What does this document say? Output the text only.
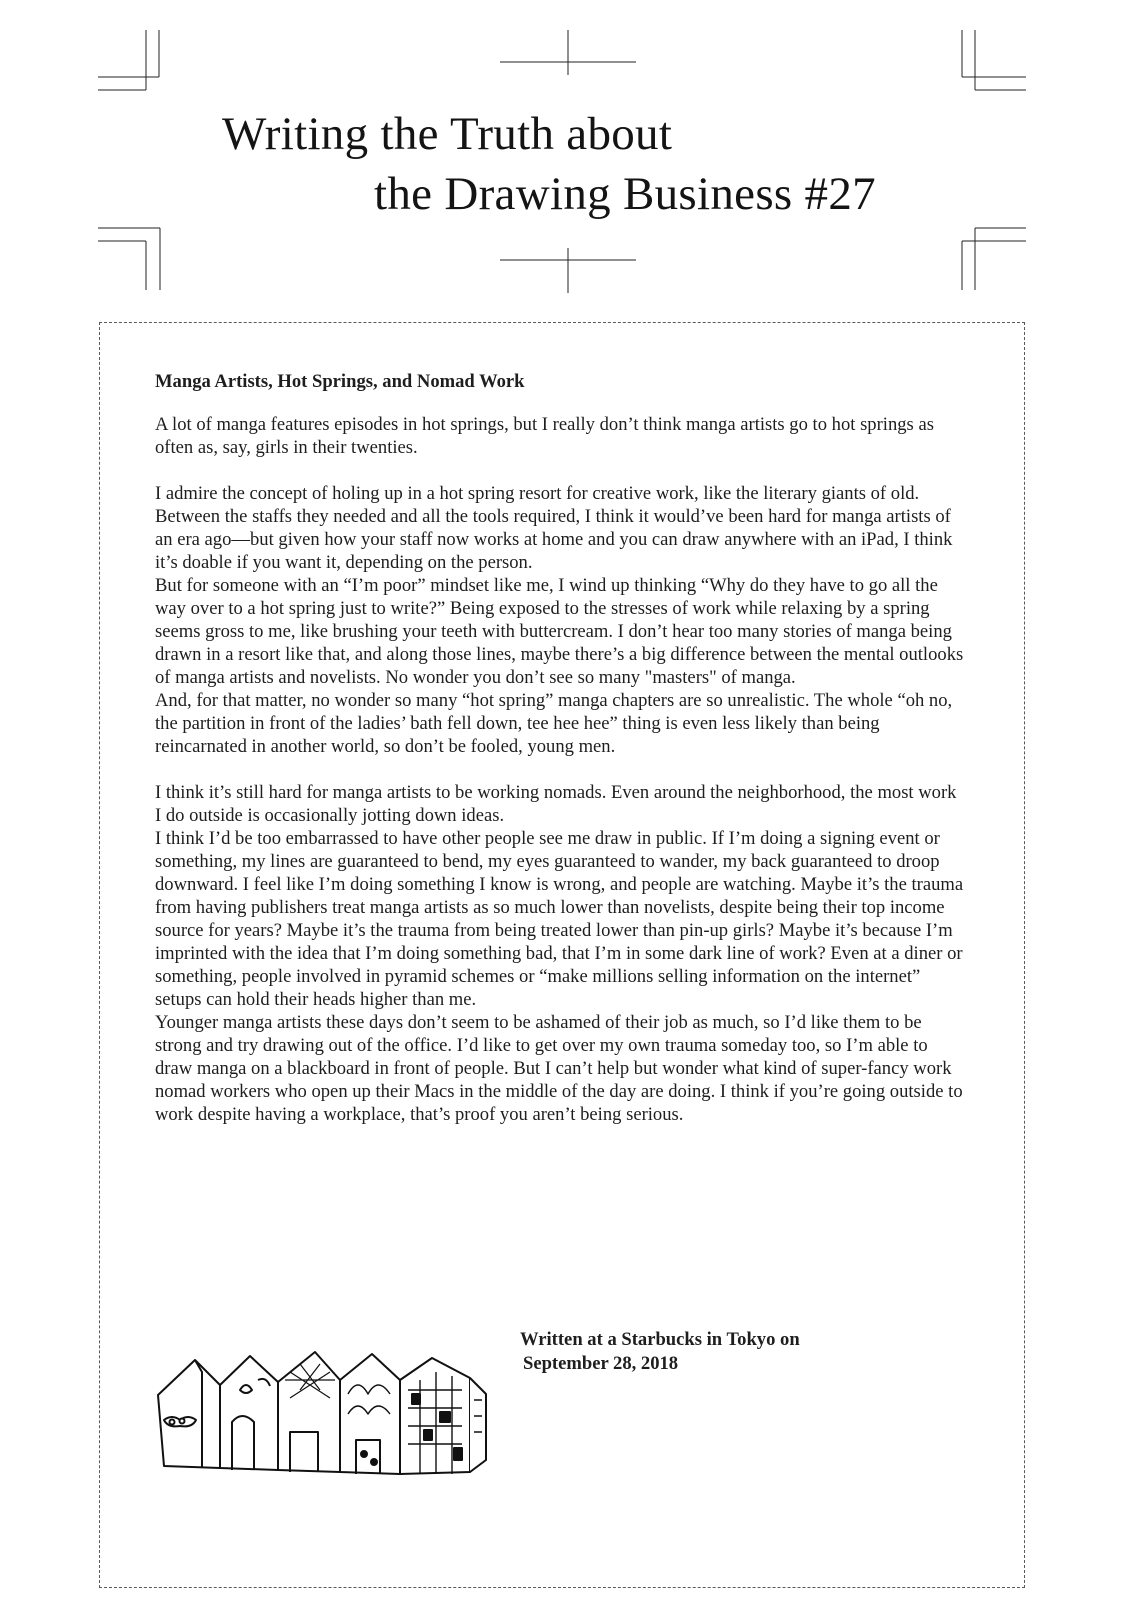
Writing the Truth about
the Drawing Business #27

Manga Artists, Hot Springs, and Nomad Work

A lot of manga features episodes in hot springs, but I really don’t think manga artists go to hot springs as often as, say, girls in their twenties.

I admire the concept of holing up in a hot spring resort for creative work, like the literary giants of old. Between the staffs they needed and all the tools required, I think it would’ve been hard for manga artists of an era ago—but given how your staff now works at home and you can draw anywhere with an iPad, I think it’s doable if you want it, depending on the person.

But for someone with an “I’m poor” mindset like me, I wind up thinking “Why do they have to go all the way over to a hot spring just to write?” Being exposed to the stresses of work while relaxing by a spring seems gross to me, like brushing your teeth with buttercream. I don’t hear too many stories of manga being drawn in a resort like that, and along those lines, maybe there’s a big difference between the mental outlooks of manga artists and novelists. No wonder you don’t see so many "masters" of manga.

And, for that matter, no wonder so many “hot spring” manga chapters are so unrealistic. The whole “oh no, the partition in front of the ladies’ bath fell down, tee hee hee” thing is even less likely than being reincarnated in another world, so don’t be fooled, young men.

I think it’s still hard for manga artists to be working nomads. Even around the neighborhood, the most work I do outside is occasionally jotting down ideas.

I think I’d be too embarrassed to have other people see me draw in public. If I’m doing a signing event or something, my lines are guaranteed to bend, my eyes guaranteed to wander, my back guaranteed to droop downward. I feel like I’m doing something I know is wrong, and people are watching. Maybe it’s the trauma from having publishers treat manga artists as so much lower than novelists, despite being their top income source for years? Maybe it’s the trauma from being treated lower than pin-up girls? Maybe it’s because I’m imprinted with the idea that I’m doing something bad, that I’m in some dark line of work? Even at a diner or something, people involved in pyramid schemes or “make millions selling information on the internet” setups can hold their heads higher than me.

Younger manga artists these days don’t seem to be ashamed of their job as much, so I’d like them to be strong and try drawing out of the office. I’d like to get over my own trauma someday too, so I’m able to draw manga on a blackboard in front of people. But I can’t help but wonder what kind of super-fancy work nomad workers who open up their Macs in the middle of the day are doing. I think if you’re going outside to work despite having a workplace, that’s proof you aren’t being serious.

Written at a Starbucks in Tokyo on
September 28, 2018
